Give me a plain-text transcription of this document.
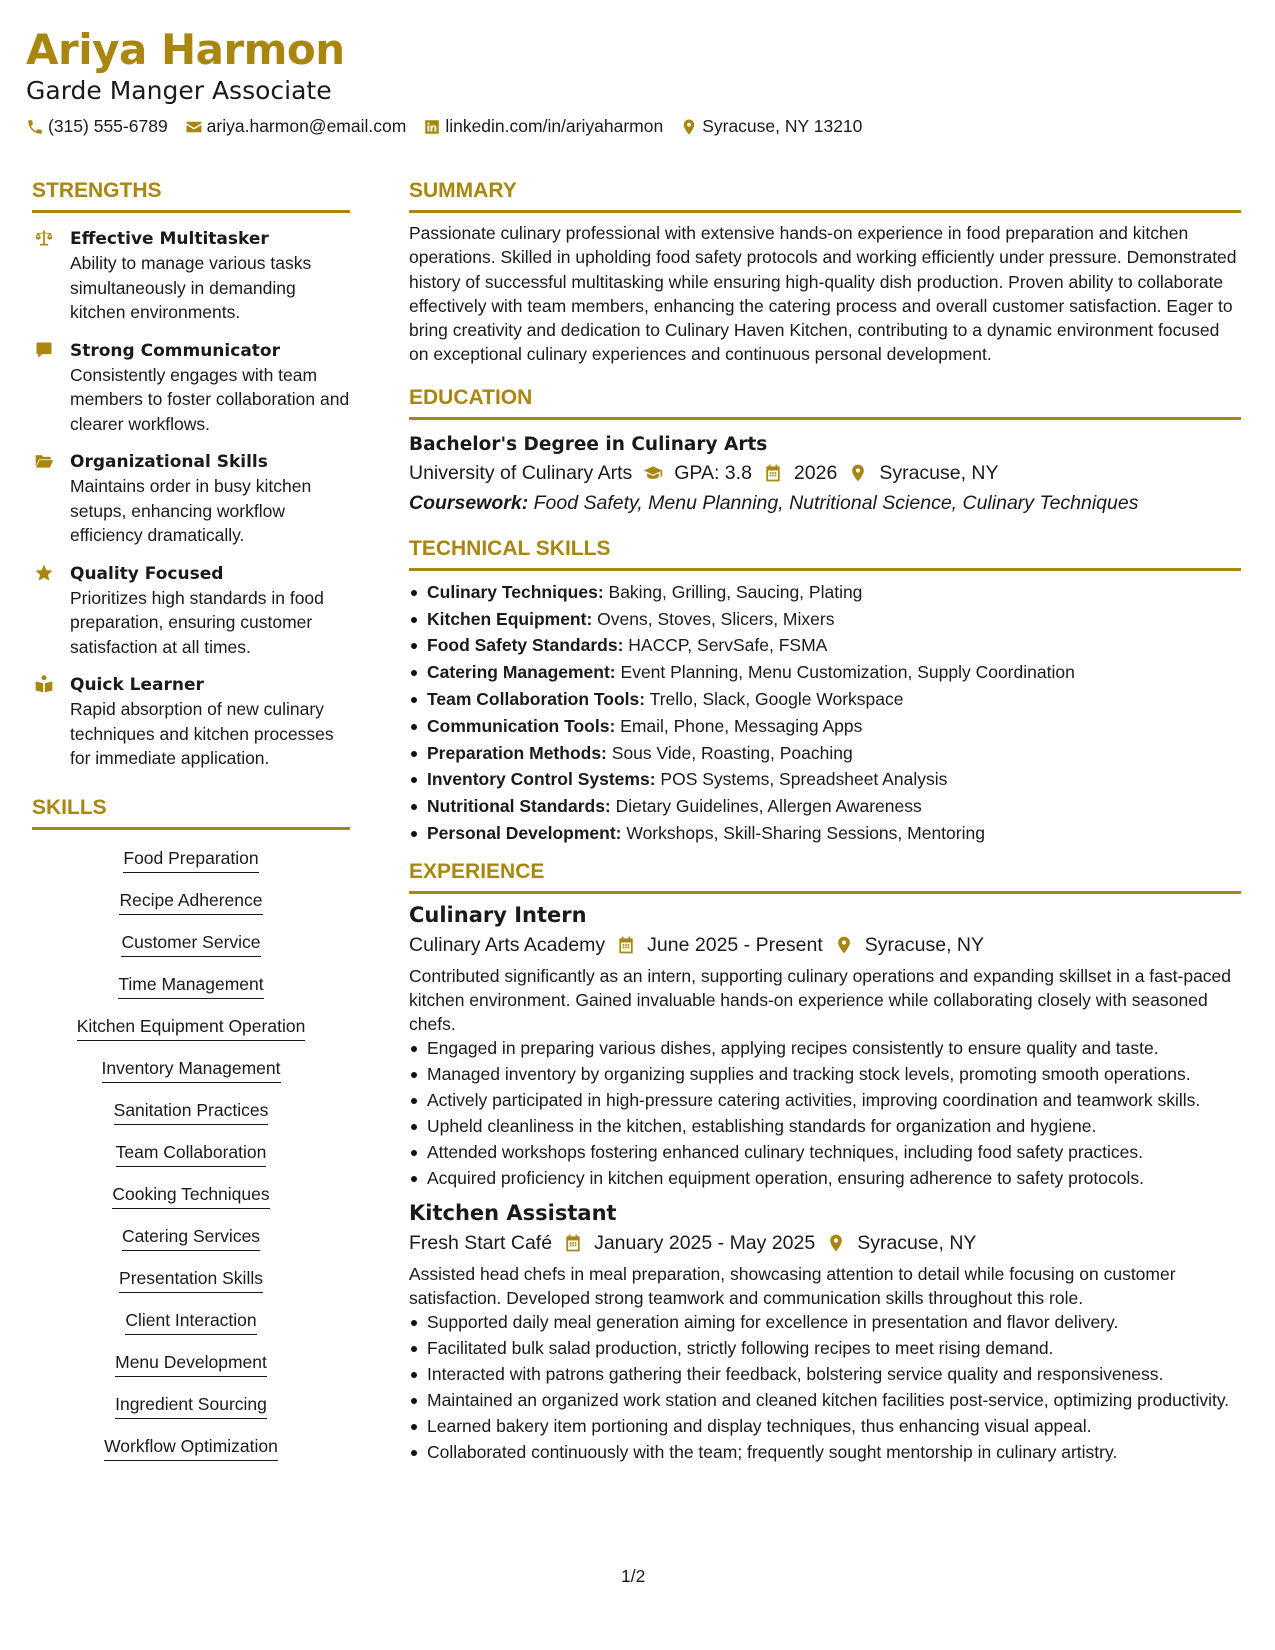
Ariya Harmon
Garde Manger Associate
(315) 555-6789 ariya.harmon@email.com linkedin.com/in/ariyaharmon Syracuse, NY 13210
STRENGTHS
Effective Multitasker
Ability to manage various tasks simultaneously in demanding kitchen environments.
Strong Communicator
Consistently engages with team members to foster collaboration and clearer workflows.
Organizational Skills
Maintains order in busy kitchen setups, enhancing workflow efficiency dramatically.
Quality Focused
Prioritizes high standards in food preparation, ensuring customer satisfaction at all times.
Quick Learner
Rapid absorption of new culinary techniques and kitchen processes for immediate application.
SKILLS
Food Preparation
Recipe Adherence
Customer Service
Time Management
Kitchen Equipment Operation
Inventory Management
Sanitation Practices
Team Collaboration
Cooking Techniques
Catering Services
Presentation Skills
Client Interaction
Menu Development
Ingredient Sourcing
Workflow Optimization
SUMMARY
Passionate culinary professional with extensive hands-on experience in food preparation and kitchen operations. Skilled in upholding food safety protocols and working efficiently under pressure. Demonstrated history of successful multitasking while ensuring high-quality dish production. Proven ability to collaborate effectively with team members, enhancing the catering process and overall customer satisfaction. Eager to bring creativity and dedication to Culinary Haven Kitchen, contributing to a dynamic environment focused on exceptional culinary experiences and continuous personal development.
EDUCATION
Bachelor's Degree in Culinary Arts
University of Culinary Arts GPA: 3.8 2026 Syracuse, NY
Coursework: Food Safety, Menu Planning, Nutritional Science, Culinary Techniques
TECHNICAL SKILLS
Culinary Techniques: Baking, Grilling, Saucing, Plating
Kitchen Equipment: Ovens, Stoves, Slicers, Mixers
Food Safety Standards: HACCP, ServSafe, FSMA
Catering Management: Event Planning, Menu Customization, Supply Coordination
Team Collaboration Tools: Trello, Slack, Google Workspace
Communication Tools: Email, Phone, Messaging Apps
Preparation Methods: Sous Vide, Roasting, Poaching
Inventory Control Systems: POS Systems, Spreadsheet Analysis
Nutritional Standards: Dietary Guidelines, Allergen Awareness
Personal Development: Workshops, Skill-Sharing Sessions, Mentoring
EXPERIENCE
Culinary Intern
Culinary Arts Academy June 2025 - Present Syracuse, NY
Contributed significantly as an intern, supporting culinary operations and expanding skillset in a fast-paced kitchen environment. Gained invaluable hands-on experience while collaborating closely with seasoned chefs.
Engaged in preparing various dishes, applying recipes consistently to ensure quality and taste.
Managed inventory by organizing supplies and tracking stock levels, promoting smooth operations.
Actively participated in high-pressure catering activities, improving coordination and teamwork skills.
Upheld cleanliness in the kitchen, establishing standards for organization and hygiene.
Attended workshops fostering enhanced culinary techniques, including food safety practices.
Acquired proficiency in kitchen equipment operation, ensuring adherence to safety protocols.
Kitchen Assistant
Fresh Start Café January 2025 - May 2025 Syracuse, NY
Assisted head chefs in meal preparation, showcasing attention to detail while focusing on customer satisfaction. Developed strong teamwork and communication skills throughout this role.
Supported daily meal generation aiming for excellence in presentation and flavor delivery.
Facilitated bulk salad production, strictly following recipes to meet rising demand.
Interacted with patrons gathering their feedback, bolstering service quality and responsiveness.
Maintained an organized work station and cleaned kitchen facilities post-service, optimizing productivity.
Learned bakery item portioning and display techniques, thus enhancing visual appeal.
Collaborated continuously with the team; frequently sought mentorship in culinary artistry.
1/2
